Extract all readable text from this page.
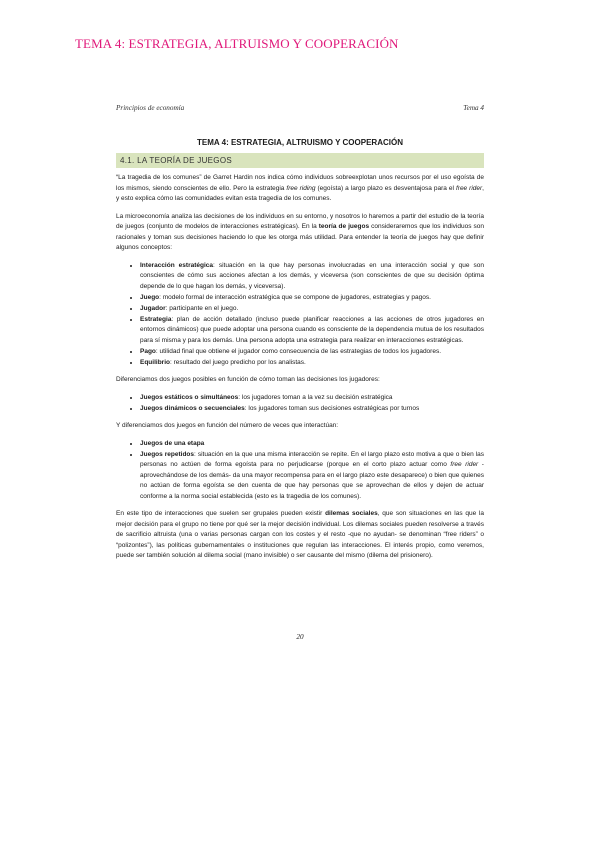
TEMA 4: ESTRATEGIA, ALTRUISMO Y COOPERACIÓN
Principios de economía	Tema 4
TEMA 4: ESTRATEGIA, ALTRUISMO Y COOPERACIÓN
4.1. LA TEORÍA DE JUEGOS

“La tragedia de los comunes” de Garret Hardin nos indica cómo individuos sobreexplotan unos recursos por el uso egoísta de los mismos, siendo conscientes de ello. Pero la estrategia free riding (egoísta) a largo plazo es desventajosa para el free rider, y esto explica cómo las comunidades evitan esta tragedia de los comunes.

La microeconomía analiza las decisiones de los individuos en su entorno, y nosotros lo haremos a partir del estudio de la teoría de juegos (conjunto de modelos de interacciones estratégicas). En la teoría de juegos consideraremos que los individuos son racionales y toman sus decisiones haciendo lo que les otorga más utilidad. Para entender la teoría de juegos hay que definir algunos conceptos:

• Interacción estratégica: situación en la que hay personas involucradas en una interacción social y que son conscientes de cómo sus acciones afectan a los demás, y viceversa (son conscientes de que su decisión óptima depende de lo que hagan los demás, y viceversa).
• Juego: modelo formal de interacción estratégica que se compone de jugadores, estrategias y pagos.
• Jugador: participante en el juego.
• Estrategia: plan de acción detallado (incluso puede planificar reacciones a las acciones de otros jugadores en entornos dinámicos) que puede adoptar una persona cuando es consciente de la dependencia mutua de los resultados para sí misma y para los demás. Una persona adopta una estrategia para realizar en interacciones estratégicas.
• Pago: utilidad final que obtiene el jugador como consecuencia de las estrategias de todos los jugadores.
• Equilibrio: resultado del juego predicho por los analistas.

Diferenciamos dos juegos posibles en función de cómo toman las decisiones los jugadores:

• Juegos estáticos o simultáneos: los jugadores toman a la vez su decisión estratégica
• Juegos dinámicos o secuenciales: los jugadores toman sus decisiones estratégicas por turnos

Y diferenciamos dos juegos en función del número de veces que interactúan:

• Juegos de una etapa
• Juegos repetidos: situación en la que una misma interacción se repite. En el largo plazo esto motiva a que o bien las personas no actúen de forma egoísta para no perjudicarse (porque en el corto plazo actuar como free rider -aprovechándose de los demás- da una mayor recompensa para en el largo plazo este desaparece) o bien que quienes no actúan de forma egoísta se den cuenta de que hay personas que se aprovechan de ellos y dejen de actuar conforme a la norma social establecida (esto es la tragedia de los comunes).

En este tipo de interacciones que suelen ser grupales pueden existir dilemas sociales, que son situaciones en las que la mejor decisión para el grupo no tiene por qué ser la mejor decisión individual. Los dilemas sociales pueden resolverse a través de sacrificio altruista (una o varias personas cargan con los costes y el resto -que no ayudan- se denominan “free riders” o “polizontes”), las políticas gubernamentales o instituciones que regulan las interacciones. El interés propio, como veremos, puede ser también solución al dilema social (mano invisible) o ser causante del mismo (dilema del prisionero).

20
